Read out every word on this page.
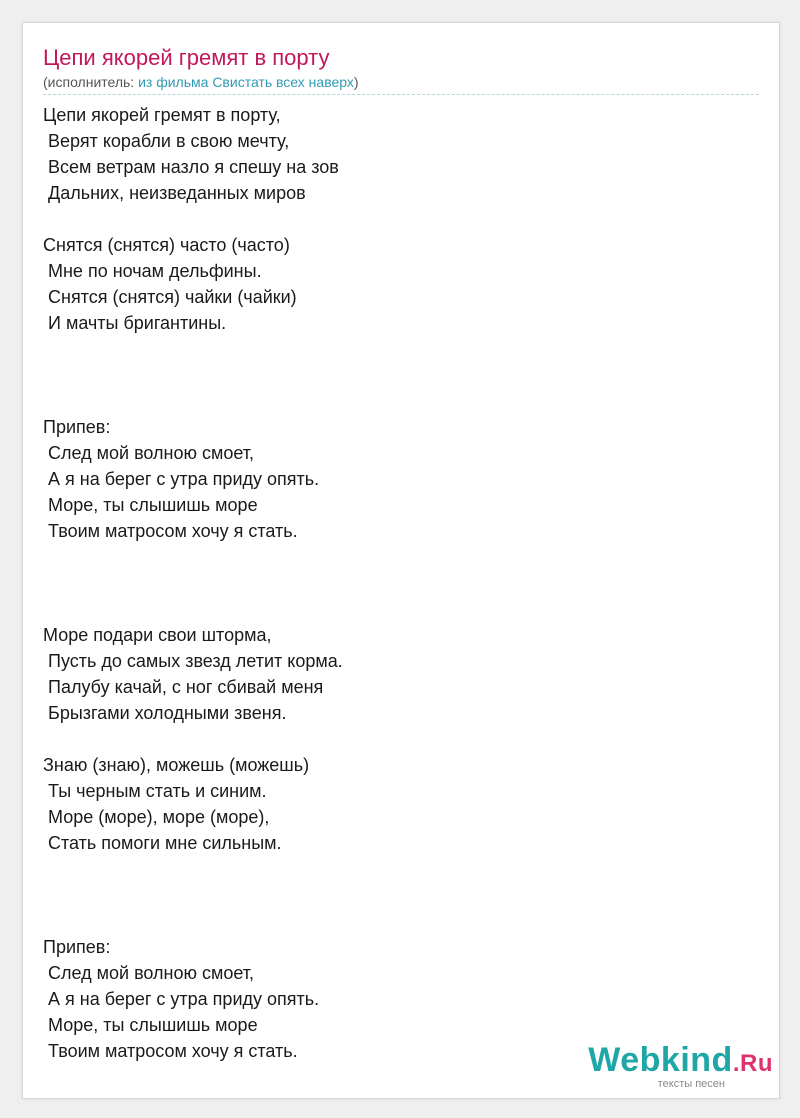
Цепи якорей гремят в порту

(исполнитель: из фильма Свистать всех наверх)

Цепи якорей гремят в порту,
Верят корабли в свою мечту,
Всем ветрам назло я спешу на зов
Дальних, неизведанных миров
Снятся (снятся) часто (часто)
Мне по ночам дельфины.
Снятся (снятся) чайки (чайки)
И мачты бригантины.
Припев:
След мой волною смоет,
А я на берег с утра приду опять.
Море, ты слышишь море
Твоим матросом хочу я стать.
Море подари свои шторма,
Пусть до самых звезд летит корма.
Палубу качай, с ног сбивай меня
Брызгами холодными звеня.
Знаю (знаю), можешь (можешь)
Ты черным стать и синим.
Море (море), море (море),
Стать помоги мне сильным.
Припев:
След мой волною смоет,
А я на берег с утра приду опять.
Море, ты слышишь море
Твоим матросом хочу я стать.	Webkind.Ru
тексты песен
